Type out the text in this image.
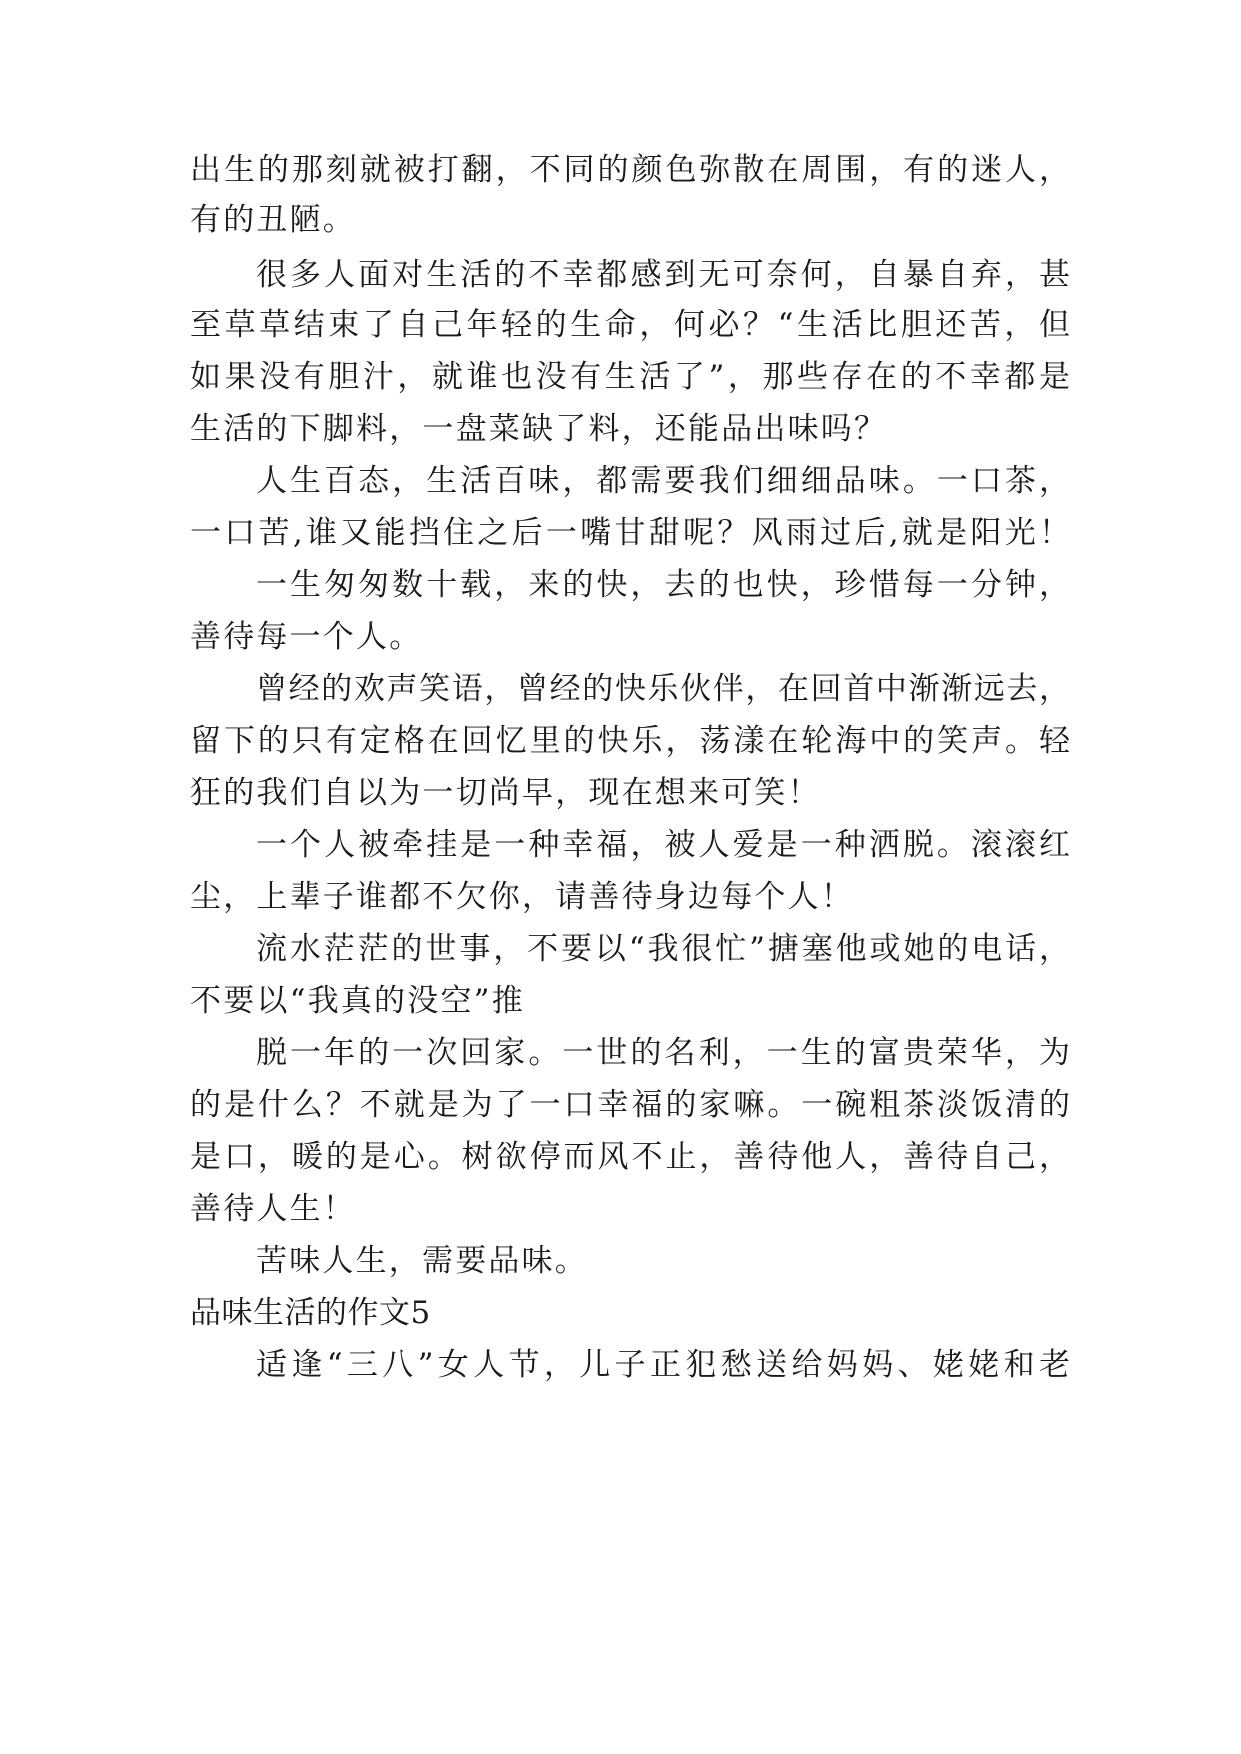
出生的那刻就被打翻，不同的颜色弥散在周围，有的迷人，
有的丑陋。
很多人面对生活的不幸都感到无可奈何，自暴自弃，甚
至草草结束了自己年轻的生命，何必？“生活比胆还苦，但
如果没有胆汁，就谁也没有生活了”，那些存在的不幸都是
生活的下脚料，一盘菜缺了料，还能品出味吗？
人生百态，生活百味，都需要我们细细品味。一口茶，
一口苦,谁又能挡住之后一嘴甘甜呢？风雨过后,就是阳光！
一生匆匆数十载，来的快，去的也快，珍惜每一分钟，
善待每一个人。
曾经的欢声笑语，曾经的快乐伙伴，在回首中渐渐远去，
留下的只有定格在回忆里的快乐，荡漾在轮海中的笑声。轻
狂的我们自以为一切尚早，现在想来可笑！
一个人被牵挂是一种幸福，被人爱是一种洒脱。滚滚红
尘，上辈子谁都不欠你，请善待身边每个人！
流水茫茫的世事，不要以“我很忙”搪塞他或她的电话，
不要以“我真的没空”推
脱一年的一次回家。一世的名利，一生的富贵荣华，为
的是什么？不就是为了一口幸福的家嘛。一碗粗茶淡饭清的
是口，暖的是心。树欲停而风不止，善待他人，善待自己，
善待人生！
苦味人生，需要品味。
品味生活的作文5
适逢“三八”女人节，儿子正犯愁送给妈妈、姥姥和老
